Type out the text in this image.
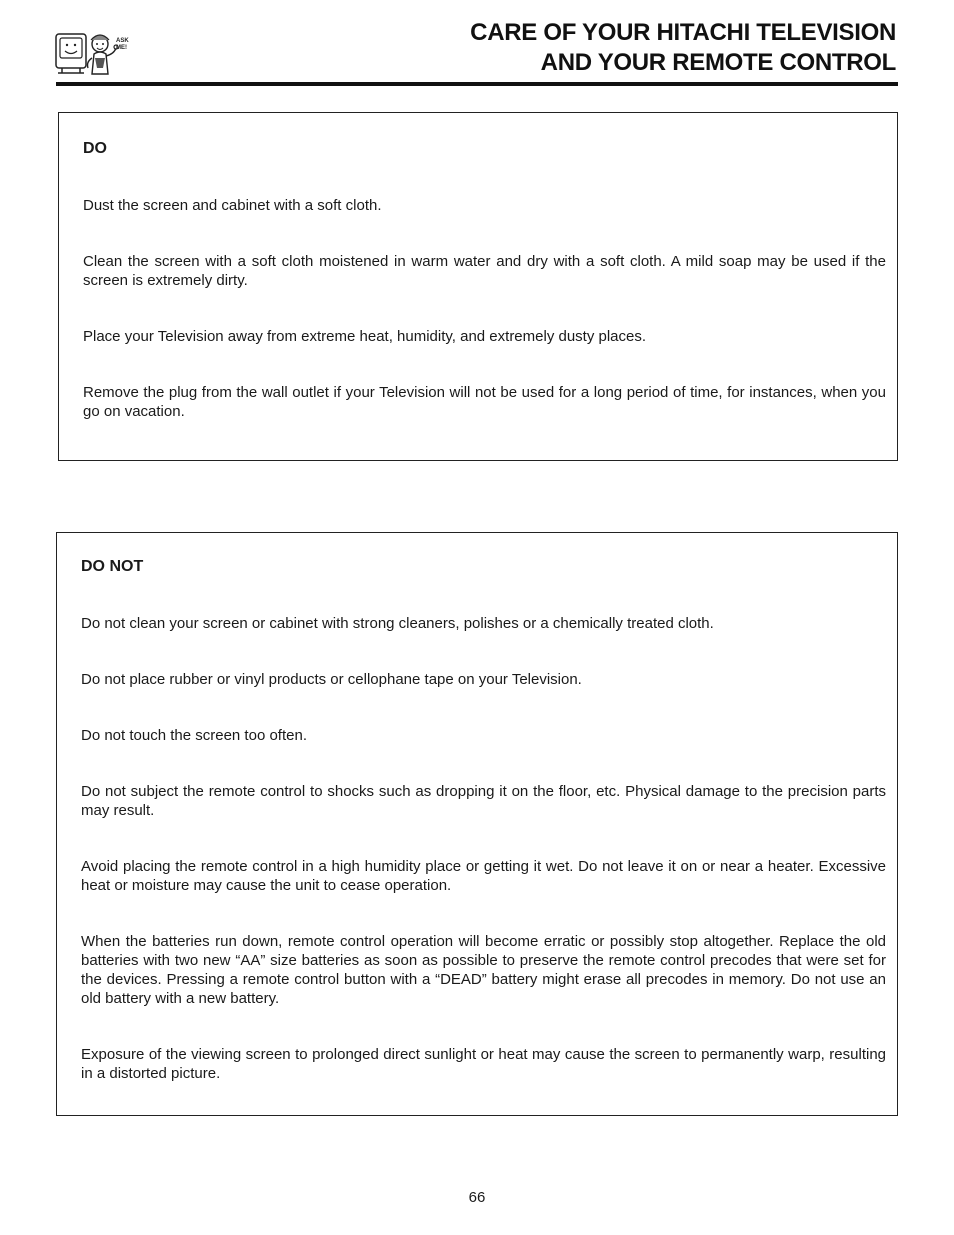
ASK ME!
CARE OF YOUR HITACHI TELEVISION
AND YOUR REMOTE CONTROL

DO

Dust the screen and cabinet with a soft cloth.

Clean the screen with a soft cloth moistened in warm water and dry with a soft cloth. A mild soap may be used if the screen is extremely dirty.

Place your Television away from extreme heat, humidity, and extremely dusty places.

Remove the plug from the wall outlet if your Television will not be used for a long period of time, for instances, when you go on vacation.

DO NOT

Do not clean your screen or cabinet with strong cleaners, polishes or a chemically treated cloth.

Do not place rubber or vinyl products or cellophane tape on your Television.

Do not touch the screen too often.

Do not subject the remote control to shocks such as dropping it on the floor, etc. Physical damage to the precision parts may result.

Avoid placing the remote control in a high humidity place or getting it wet. Do not leave it on or near a heater. Excessive heat or moisture may cause the unit to cease operation.

When the batteries run down, remote control operation will become erratic or possibly stop altogether. Replace the old batteries with two new “AA” size batteries as soon as possible to preserve the remote control precodes that were set for the devices. Pressing a remote control button with a “DEAD” battery might erase all precodes in memory. Do not use an old battery with a new battery.

Exposure of the viewing screen to prolonged direct sunlight or heat may cause the screen to permanently warp, resulting in a distorted picture.

66
